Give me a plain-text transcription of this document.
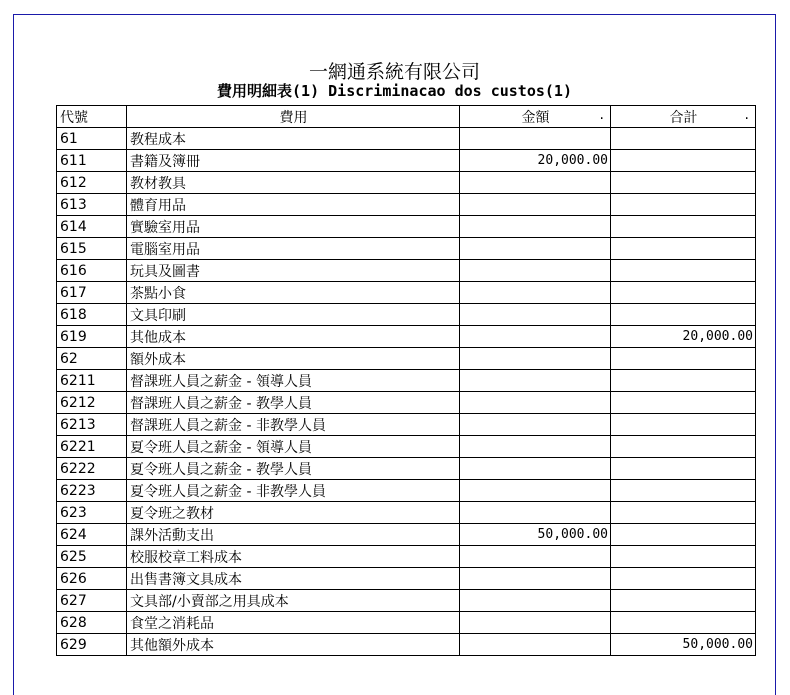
一網通系統有限公司
費用明細表(1) Discriminacao dos custos(1)
代號	費用	金額 .	合計 .

61	教程成本		
611	書籍及簿冊	20,000.00	
612	教材教具		
613	體育用品		
614	實驗室用品		
615	電腦室用品		
616	玩具及圖書		
617	茶點小食		
618	文具印刷		
619	其他成本		20,000.00
62	額外成本		
6211	督課班人員之薪金 - 領導人員		
6212	督課班人員之薪金 - 教學人員		
6213	督課班人員之薪金 - 非教學人員		
6221	夏令班人員之薪金 - 領導人員		
6222	夏令班人員之薪金 - 教學人員		
6223	夏令班人員之薪金 - 非教學人員		
623	夏令班之教材		
624	課外活動支出	50,000.00	
625	校服校章工料成本		
626	出售書簿文具成本		
627	文具部/小賣部之用具成本		
628	食堂之消耗品		
629	其他額外成本		50,000.00
